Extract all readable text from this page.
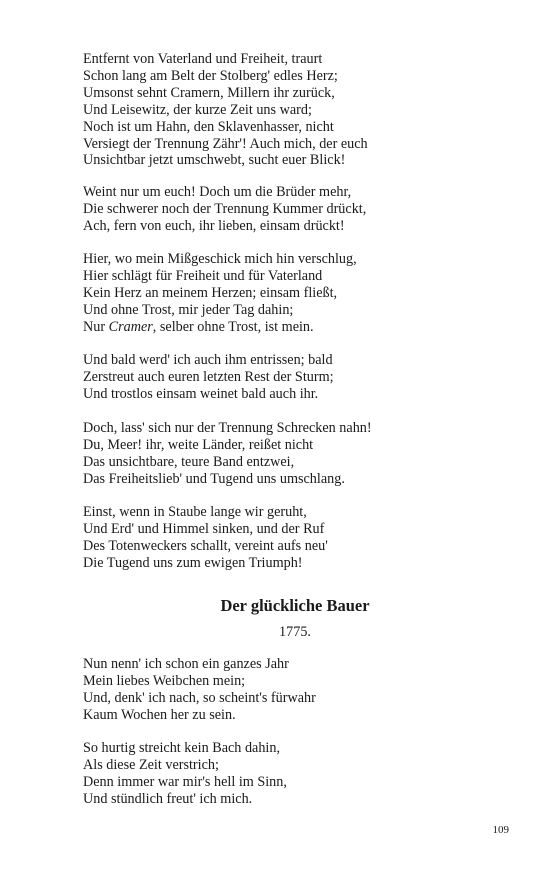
Entfernt von Vaterland und Freiheit, traurt
Schon lang am Belt der Stolberg' edles Herz;
Umsonst sehnt Cramern, Millern ihr zurück,
Und Leisewitz, der kurze Zeit uns ward;
Noch ist um Hahn, den Sklavenhasser, nicht
Versiegt der Trennung Zähr'! Auch mich, der euch
Unsichtbar jetzt umschwebt, sucht euer Blick!
Weint nur um euch! Doch um die Brüder mehr,
Die schwerer noch der Trennung Kummer drückt,
Ach, fern von euch, ihr lieben, einsam drückt!
Hier, wo mein Mißgeschick mich hin verschlug,
Hier schlägt für Freiheit und für Vaterland
Kein Herz an meinem Herzen; einsam fließt,
Und ohne Trost, mir jeder Tag dahin;
Nur Cramer, selber ohne Trost, ist mein.
Und bald werd' ich auch ihm entrissen; bald
Zerstreut auch euren letzten Rest der Sturm;
Und trostlos einsam weinet bald auch ihr.
Doch, lass' sich nur der Trennung Schrecken nahn!
Du, Meer! ihr, weite Länder, reißet nicht
Das unsichtbare, teure Band entzwei,
Das Freiheitslieb' und Tugend uns umschlang.
Einst, wenn in Staube lange wir geruht,
Und Erd' und Himmel sinken, und der Ruf
Des Totenweckers schallt, vereint aufs neu'
Die Tugend uns zum ewigen Triumph!
Der glückliche Bauer
1775.
Nun nenn' ich schon ein ganzes Jahr
Mein liebes Weibchen mein;
Und, denk' ich nach, so scheint's fürwahr
Kaum Wochen her zu sein.
So hurtig streicht kein Bach dahin,
Als diese Zeit verstrich;
Denn immer war mir's hell im Sinn,
Und stündlich freut' ich mich.
109
